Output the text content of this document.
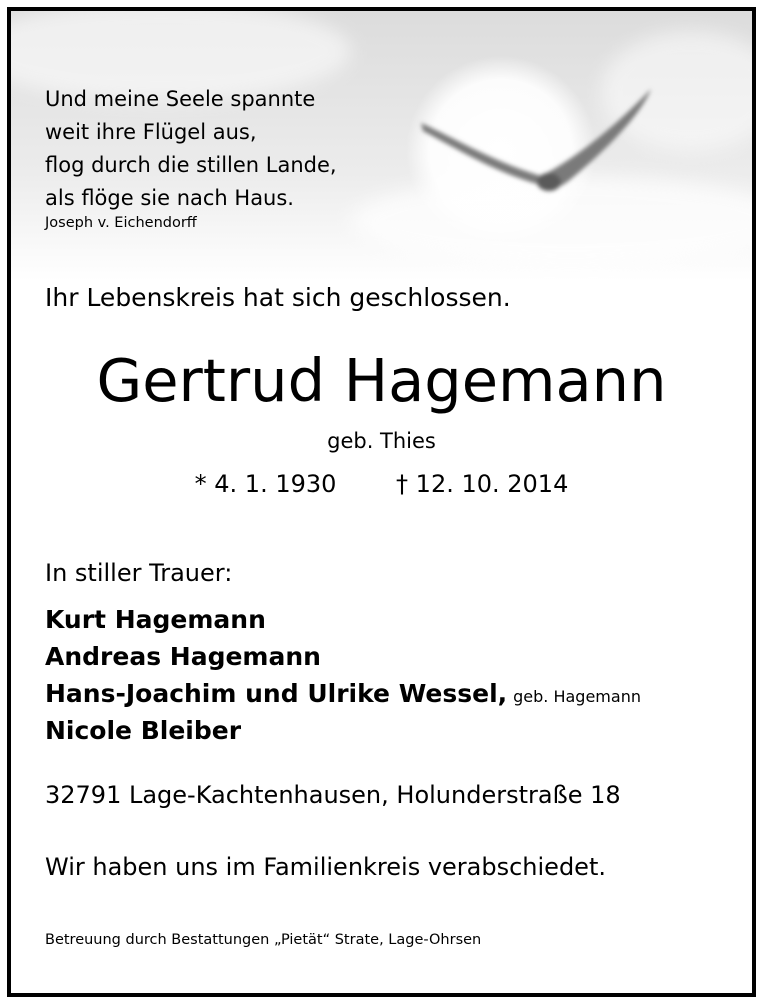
Und meine Seele spannte
weit ihre Flügel aus,
flog durch die stillen Lande,
als flöge sie nach Haus.
Joseph v. Eichendorff
Ihr Lebenskreis hat sich geschlossen.
Gertrud Hagemann
geb. Thies
* 4. 1. 1930 † 12. 10. 2014
In stiller Trauer:
Kurt Hagemann
Andreas Hagemann
Hans-Joachim und Ulrike Wessel, geb. Hagemann
Nicole Bleiber
32791 Lage-Kachtenhausen, Holunderstraße 18
Wir haben uns im Familienkreis verabschiedet.
Betreuung durch Bestattungen „Pietät“ Strate, Lage-Ohrsen
